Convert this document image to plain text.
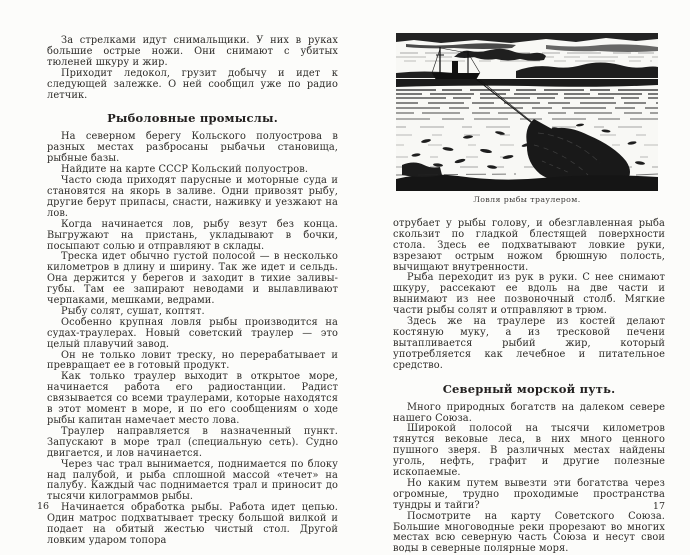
За стрелками идут снимальщики. У них в руках большие острые ножи. Они снимают с убитых тюленей шкуру и жир.

Приходит ледокол, грузит добычу и идет к следующей залежке. О ней сообщил уже по радио летчик.

Рыболовные промыслы.

На северном берегу Кольского полуострова в разных местах разбросаны рыбачьи становища, рыбные базы.

Найдите на карте СССР Кольский полуостров.

Часто сюда приходят парусные и моторные суда и становятся на якорь в заливе. Одни привозят рыбу, другие берут припасы, снасти, наживку и уезжают на лов.

Когда начинается лов, рыбу везут без конца. Выгружают на пристань, укладывают в бочки, посыпают солью и отправляют в склады.

Треска идет обычно густой полосой — в несколько километров в длину и ширину. Так же идет и сельдь. Она держится у берегов и заходит в тихие заливы-губы. Там ее запирают неводами и вылавливают черпаками, мешками, ведрами.

Рыбу солят, сушат, коптят.

Особенно крупная ловля рыбы производится на судах-траулерах. Новый советский траулер — это целый плавучий завод.

Он не только ловит треску, но перерабатывает и превращает ее в готовый продукт.

Как только траулер выходит в открытое море, начинается работа его радиостанции. Радист связывается со всеми траулерами, которые находятся в этот момент в море, и по его сообщениям о ходе рыбы капитан намечает место лова.

Траулер направляется в назначенный пункт. Запускают в море трал (специальную сеть). Судно двигается, и лов начинается.

Через час трал вынимается, поднимается по блоку над палубой, и рыба сплошной массой «течет» на палубу. Каждый час поднимается трал и приносит до тысячи килограммов рыбы.

Начинается обработка рыбы. Работа идет цепью. Один матрос подхватывает треску большой вилкой и подает на обитый жестью чистый стол. Другой ловким ударом топора

16
Ловля рыбы траулером.

отрубает у рыбы голову, и обезглавленная рыба скользит по гладкой блестящей поверхности стола. Здесь ее подхватывают ловкие руки, взрезают острым ножом брюшную полость, вычищают внутренности.

Рыба переходит из рук в руки. С нее снимают шкуру, рассекают ее вдоль на две части и вынимают из нее позвоночный столб. Мягкие части рыбы солят и отправляют в трюм.

Здесь же на траулере из костей делают костяную муку, а из тресковой печени вытапливается рыбий жир, который употребляется как лечебное и питательное средство.

Северный морской путь.

Много природных богатств на далеком севере нашего Союза.

Широкой полосой на тысячи километров тянутся вековые леса, в них много ценного пушного зверя. В различных местах найдены уголь, нефть, графит и другие полезные ископаемые.

Но каким путем вывезти эти богатства через огромные, трудно проходимые пространства тундры и тайги?

Посмотрите на карту Советского Союза. Большие многоводные реки прорезают во многих местах всю северную часть Союза и несут свои воды в северные полярные моря.

17
